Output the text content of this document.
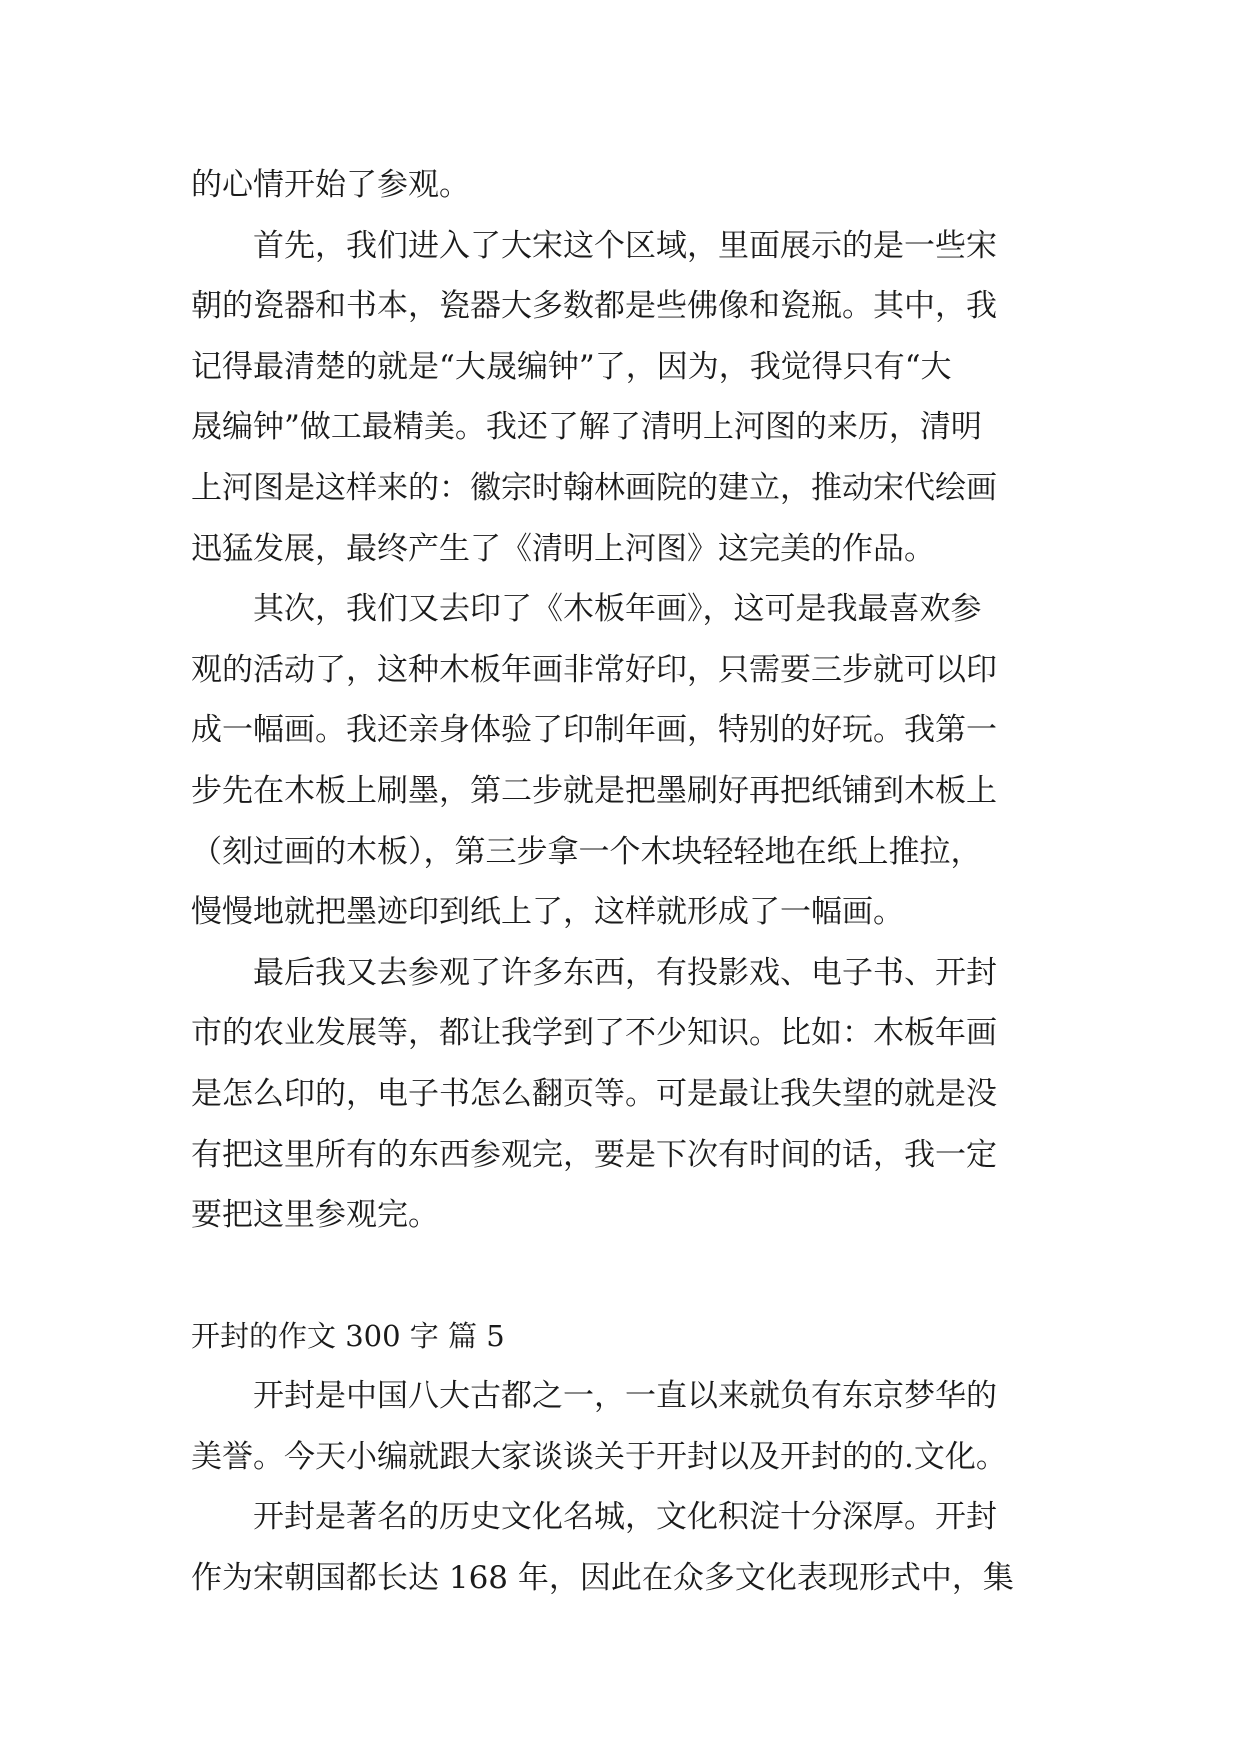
的心情开始了参观。

　　首先，我们进入了大宋这个区域，里面展示的是一些宋

朝的瓷器和书本，瓷器大多数都是些佛像和瓷瓶。其中，我

记得最清楚的就是“大晟编钟”了，因为，我觉得只有“大

晟编钟”做工最精美。我还了解了清明上河图的来历，清明

上河图是这样来的：徽宗时翰林画院的建立，推动宋代绘画

迅猛发展，最终产生了《清明上河图》这完美的作品。

　　其次，我们又去印了《木板年画》，这可是我最喜欢参

观的活动了，这种木板年画非常好印，只需要三步就可以印

成一幅画。我还亲身体验了印制年画，特别的好玩。我第一

步先在木板上刷墨，第二步就是把墨刷好再把纸铺到木板上

（刻过画的木板），第三步拿一个木块轻轻地在纸上推拉，

慢慢地就把墨迹印到纸上了，这样就形成了一幅画。

　　最后我又去参观了许多东西，有投影戏、电子书、开封

市的农业发展等，都让我学到了不少知识。比如：木板年画

是怎么印的，电子书怎么翻页等。可是最让我失望的就是没

有把这里所有的东西参观完，要是下次有时间的话，我一定

要把这里参观完。

开封的作文 300 字 篇 5

　　开封是中国八大古都之一，一直以来就负有东京梦华的

美誉。今天小编就跟大家谈谈关于开封以及开封的的.文化。

　　开封是著名的历史文化名城，文化积淀十分深厚。开封

作为宋朝国都长达 168 年，因此在众多文化表现形式中，集
